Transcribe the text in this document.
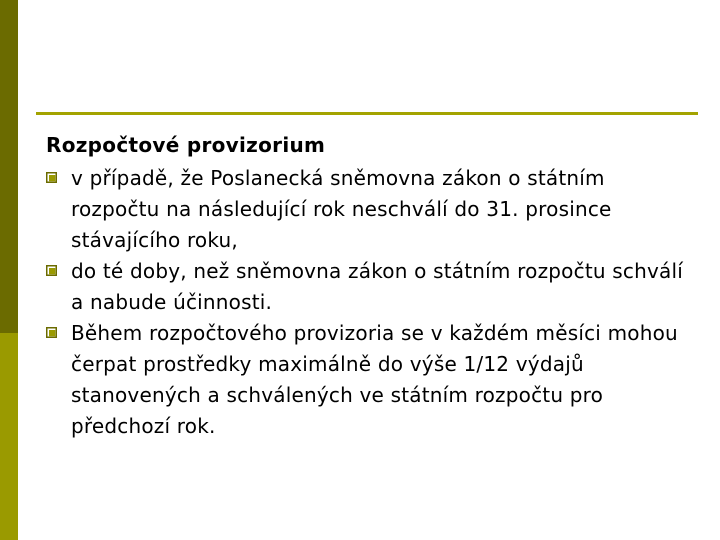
Rozpočtové provizorium
v případě, že Poslanecká sněmovna zákon o státním rozpočtu na následující rok neschválí do 31. prosince stávajícího roku,
do té doby, než sněmovna zákon o státním rozpočtu schválí a nabude účinnosti.
Během rozpočtového provizoria se v každém měsíci mohou čerpat prostředky maximálně do výše 1/12 výdajů stanovených a schválených ve státním rozpočtu pro předchozí rok.
